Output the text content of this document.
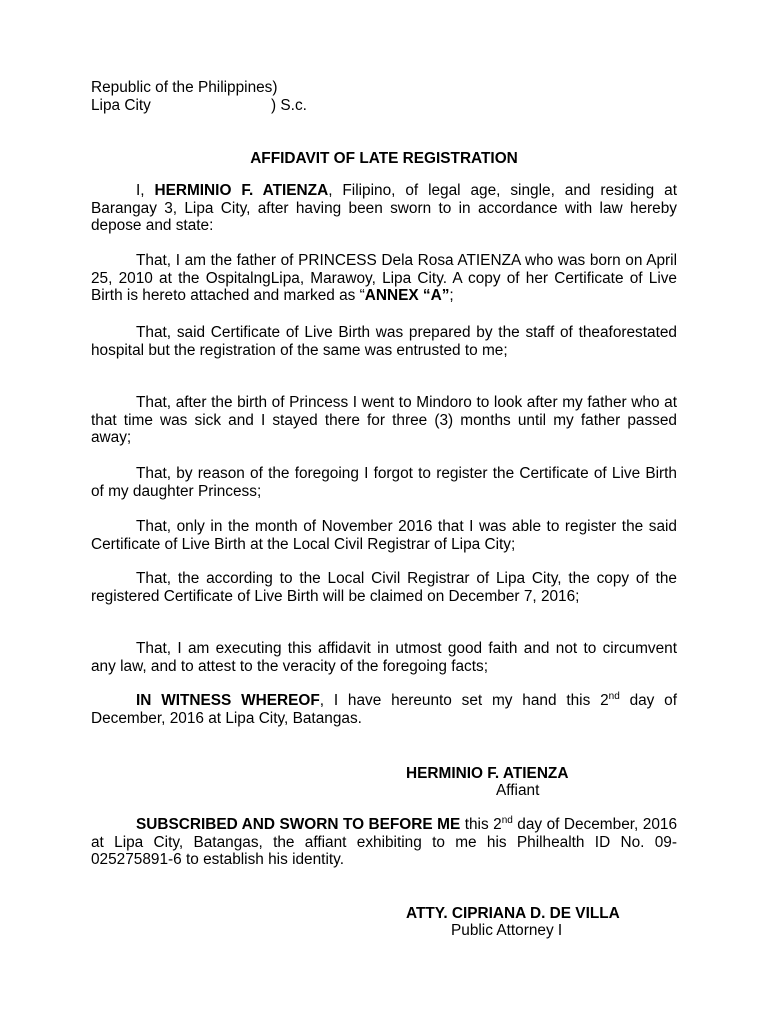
Republic of the Philippines)
Lipa City	) S.c.
AFFIDAVIT OF LATE REGISTRATION
I, HERMINIO F. ATIENZA, Filipino, of legal age, single, and residing at Barangay 3, Lipa City, after having been sworn to in accordance with law hereby depose and state:
That, I am the father of PRINCESS Dela Rosa ATIENZA who was born on April 25, 2010 at the OspitalngLipa, Marawoy, Lipa City. A copy of her Certificate of Live Birth is hereto attached and marked as “ANNEX “A”;
That, said Certificate of Live Birth was prepared by the staff of theaforestated hospital but the registration of the same was entrusted to me;
That, after the birth of Princess I went to Mindoro to look after my father who at that time was sick and I stayed there for three (3) months until my father passed away;
That, by reason of the foregoing I forgot to register the Certificate of Live Birth of my daughter Princess;
That, only in the month of November 2016 that I was able to register the said Certificate of Live Birth at the Local Civil Registrar of Lipa City;
That, the according to the Local Civil Registrar of Lipa City, the copy of the registered Certificate of Live Birth will be claimed on December 7, 2016;
That, I am executing this affidavit in utmost good faith and not to circumvent any law, and to attest to the veracity of the foregoing facts;
IN WITNESS WHEREOF, I have hereunto set my hand this 2nd day of December, 2016 at Lipa City, Batangas.
HERMINIO F. ATIENZA
Affiant
SUBSCRIBED AND SWORN TO BEFORE ME this 2nd day of December, 2016 at Lipa City, Batangas, the affiant exhibiting to me his Philhealth ID No. 09-025275891-6 to establish his identity.
ATTY. CIPRIANA D. DE VILLA
Public Attorney I
